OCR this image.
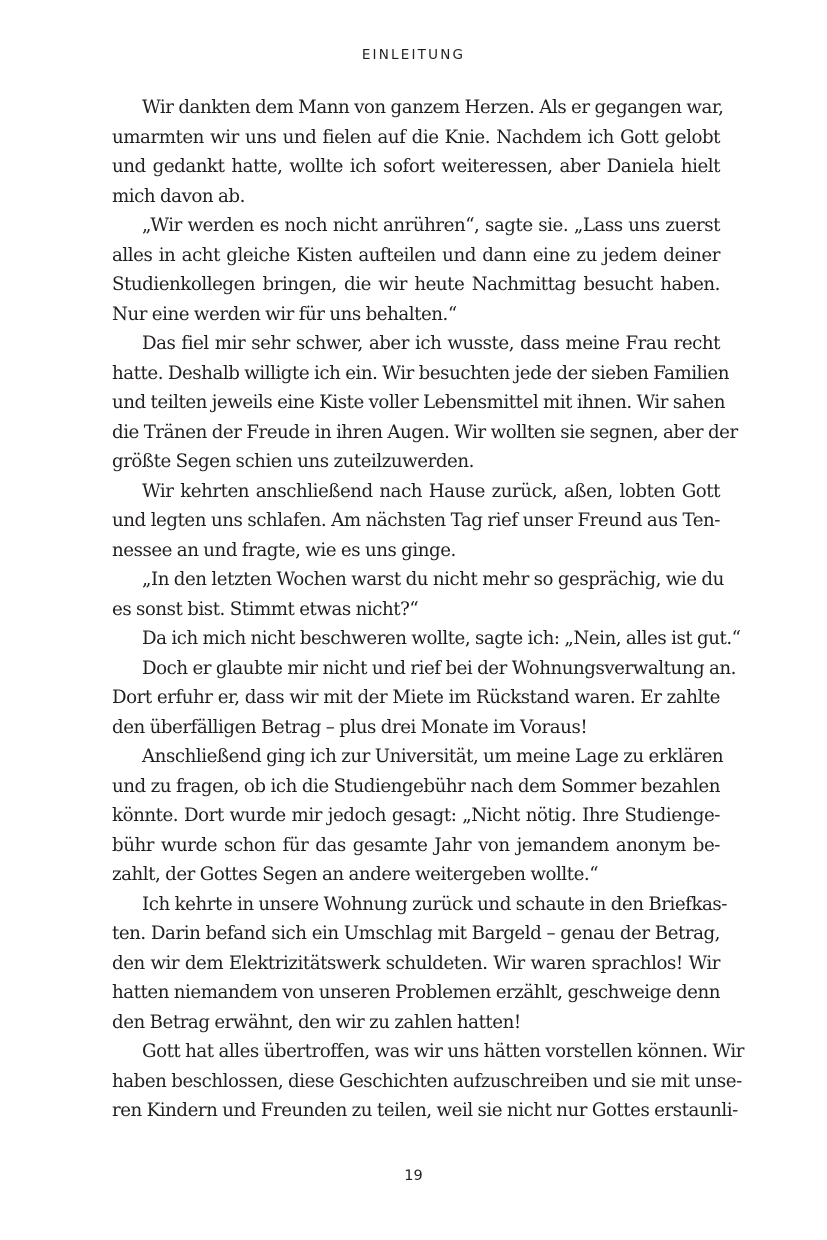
EINLEITUNG
Wir dankten dem Mann von ganzem Herzen. Als er gegangen war,
umarmten wir uns und fielen auf die Knie. Nachdem ich Gott gelobt
und gedankt hatte, wollte ich sofort weiteressen, aber Daniela hielt
mich davon ab.
„Wir werden es noch nicht anrühren“, sagte sie. „Lass uns zuerst
alles in acht gleiche Kisten aufteilen und dann eine zu jedem deiner
Studienkollegen bringen, die wir heute Nachmittag besucht haben.
Nur eine werden wir für uns behalten.“
Das fiel mir sehr schwer, aber ich wusste, dass meine Frau recht
hatte. Deshalb willigte ich ein. Wir besuchten jede der sieben Familien
und teilten jeweils eine Kiste voller Lebensmittel mit ihnen. Wir sahen
die Tränen der Freude in ihren Augen. Wir wollten sie segnen, aber der
größte Segen schien uns zuteilzuwerden.
Wir kehrten anschließend nach Hause zurück, aßen, lobten Gott
und legten uns schlafen. Am nächsten Tag rief unser Freund aus Ten-
nessee an und fragte, wie es uns ginge.
„In den letzten Wochen warst du nicht mehr so gesprächig, wie du
es sonst bist. Stimmt etwas nicht?“
Da ich mich nicht beschweren wollte, sagte ich: „Nein, alles ist gut.“
Doch er glaubte mir nicht und rief bei der Wohnungsverwaltung an.
Dort erfuhr er, dass wir mit der Miete im Rückstand waren. Er zahlte
den überfälligen Betrag – plus drei Monate im Voraus!
Anschließend ging ich zur Universität, um meine Lage zu erklären
und zu fragen, ob ich die Studiengebühr nach dem Sommer bezahlen
könnte. Dort wurde mir jedoch gesagt: „Nicht nötig. Ihre Studienge-
bühr wurde schon für das gesamte Jahr von jemandem anonym be-
zahlt, der Gottes Segen an andere weitergeben wollte.“
Ich kehrte in unsere Wohnung zurück und schaute in den Briefkas-
ten. Darin befand sich ein Umschlag mit Bargeld – genau der Betrag,
den wir dem Elektrizitätswerk schuldeten. Wir waren sprachlos! Wir
hatten niemandem von unseren Problemen erzählt, geschweige denn
den Betrag erwähnt, den wir zu zahlen hatten!
Gott hat alles übertroffen, was wir uns hätten vorstellen können. Wir
haben beschlossen, diese Geschichten aufzuschreiben und sie mit unse-
ren Kindern und Freunden zu teilen, weil sie nicht nur Gottes erstaunli-
19
